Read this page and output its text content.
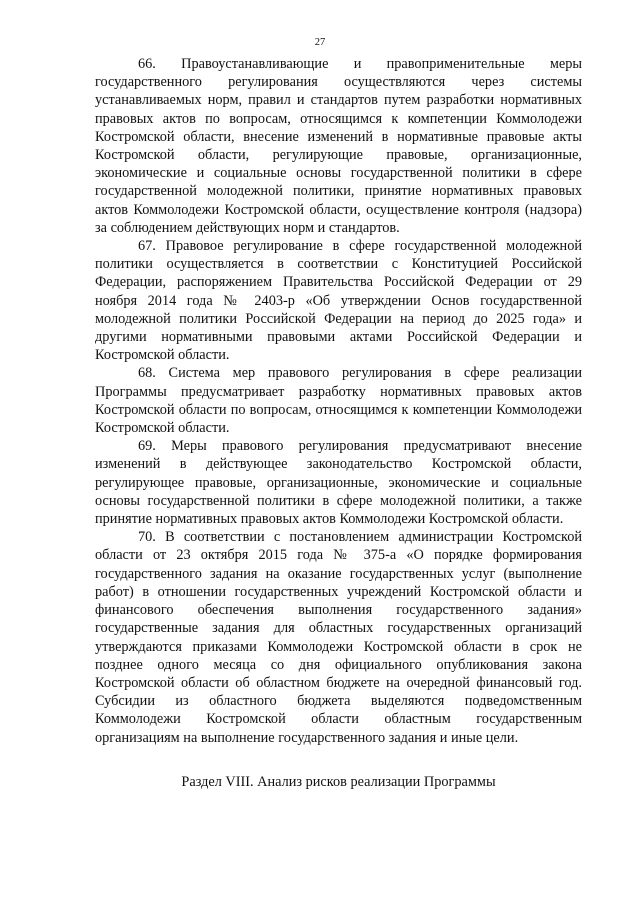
27

66. Правоустанавливающие и правоприменительные меры государственного регулирования осуществляются через системы устанавливаемых норм, правил и стандартов путем разработки нормативных правовых актов по вопросам, относящимся к компетенции Коммолодежи Костромской области, внесение изменений в нормативные правовые акты Костромской области, регулирующие правовые, организационные, экономические и социальные основы государственной политики в сфере государственной молодежной политики, принятие нормативных правовых актов Коммолодежи Костромской области, осуществление контроля (надзора) за соблюдением действующих норм и стандартов.

67. Правовое регулирование в сфере государственной молодежной политики осуществляется в соответствии с Конституцией Российской Федерации, распоряжением Правительства Российской Федерации от 29 ноября 2014 года № 2403-р «Об утверждении Основ государственной молодежной политики Российской Федерации на период до 2025 года» и другими нормативными правовыми актами Российской Федерации и Костромской области.

68. Система мер правового регулирования в сфере реализации Программы предусматривает разработку нормативных правовых актов Костромской области по вопросам, относящимся к компетенции Коммолодежи Костромской области.

69. Меры правового регулирования предусматривают внесение изменений в действующее законодательство Костромской области, регулирующее правовые, организационные, экономические и социальные основы государственной политики в сфере молодежной политики, а также принятие нормативных правовых актов Коммолодежи Костромской области.

70. В соответствии с постановлением администрации Костромской области от 23 октября 2015 года № 375-а «О порядке формирования государственного задания на оказание государственных услуг (выполнение работ) в отношении государственных учреждений Костромской области и финансового обеспечения выполнения государственного задания» государственные задания для областных государственных организаций утверждаются приказами Коммолодежи Костромской области в срок не позднее одного месяца со дня официального опубликования закона Костромской области об областном бюджете на очередной финансовый год. Субсидии из областного бюджета выделяются подведомственным Коммолодежи Костромской области областным государственным организациям на выполнение государственного задания и иные цели.

Раздел VIII. Анализ рисков реализации Программы
